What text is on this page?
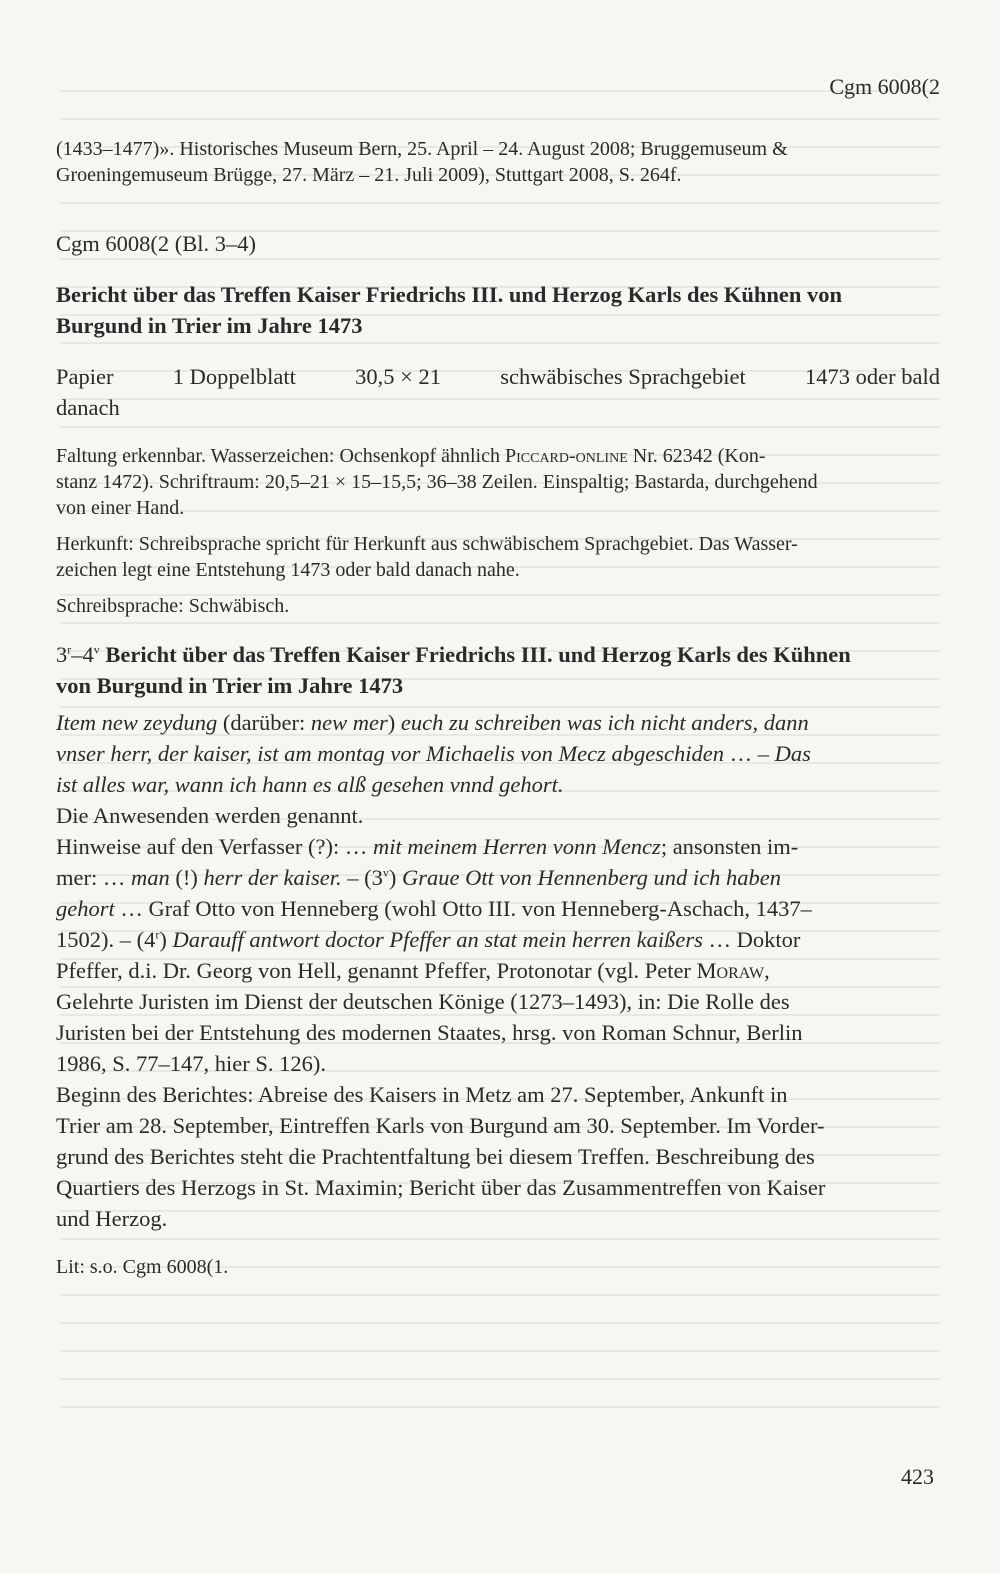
Cgm 6008(2

(1433–1477)». Historisches Museum Bern, 25. April – 24. August 2008; Bruggemuseum &

Groeningemuseum Brügge, 27. März – 21. Juli 2009), Stuttgart 2008, S. 264f.

Cgm 6008(2 (Bl. 3–4)

Bericht über das Treffen Kaiser Friedrichs III. und Herzog Karls des Kühnen von

Burgund in Trier im Jahre 1473

Papier	1 Doppelblatt	30,5 × 21	schwäbisches Sprachgebiet	1473 oder bald

danach

Faltung erkennbar. Wasserzeichen: Ochsenkopf ähnlich Piccard-online Nr. 62342 (Kon-

stanz 1472). Schriftraum: 20,5–21 × 15–15,5; 36–38 Zeilen. Einspaltig; Bastarda, durchgehend

von einer Hand.

Herkunft: Schreibsprache spricht für Herkunft aus schwäbischem Sprachgebiet. Das Wasser-

zeichen legt eine Entstehung 1473 oder bald danach nahe.

Schreibsprache: Schwäbisch.

3$^r$–4$^v$ Bericht über das Treffen Kaiser Friedrichs III. und Herzog Karls des Kühnen

von Burgund in Trier im Jahre 1473

Item new zeydung (darüber: new mer) euch zu schreiben was ich nicht anders, dann

vnser herr, der kaiser, ist am montag vor Michaelis von Mecz abgeschiden … – Das

ist alles war, wann ich hann es alß gesehen vnnd gehort.

Die Anwesenden werden genannt.

Hinweise auf den Verfasser (?): … mit meinem Herren vonn Mencz; ansonsten im-

mer: … man (!) herr der kaiser. – (3$^v$) Graue Ott von Hennenberg und ich haben

gehort … Graf Otto von Henneberg (wohl Otto III. von Henneberg-Aschach, 1437–

1502). – (4$^r$) Darauff antwort doctor Pfeffer an stat mein herren kaißers … Doktor

Pfeffer, d.i. Dr. Georg von Hell, genannt Pfeffer, Protonotar (vgl. Peter Moraw,

Gelehrte Juristen im Dienst der deutschen Könige (1273–1493), in: Die Rolle des

Juristen bei der Entstehung des modernen Staates, hrsg. von Roman Schnur, Berlin

1986, S. 77–147, hier S. 126).

Beginn des Berichtes: Abreise des Kaisers in Metz am 27. September, Ankunft in

Trier am 28. September, Eintreffen Karls von Burgund am 30. September. Im Vorder-

grund des Berichtes steht die Prachtentfaltung bei diesem Treffen. Beschreibung des

Quartiers des Herzogs in St. Maximin; Bericht über das Zusammentreffen von Kaiser

und Herzog.

Lit: s.o. Cgm 6008(1.

423
